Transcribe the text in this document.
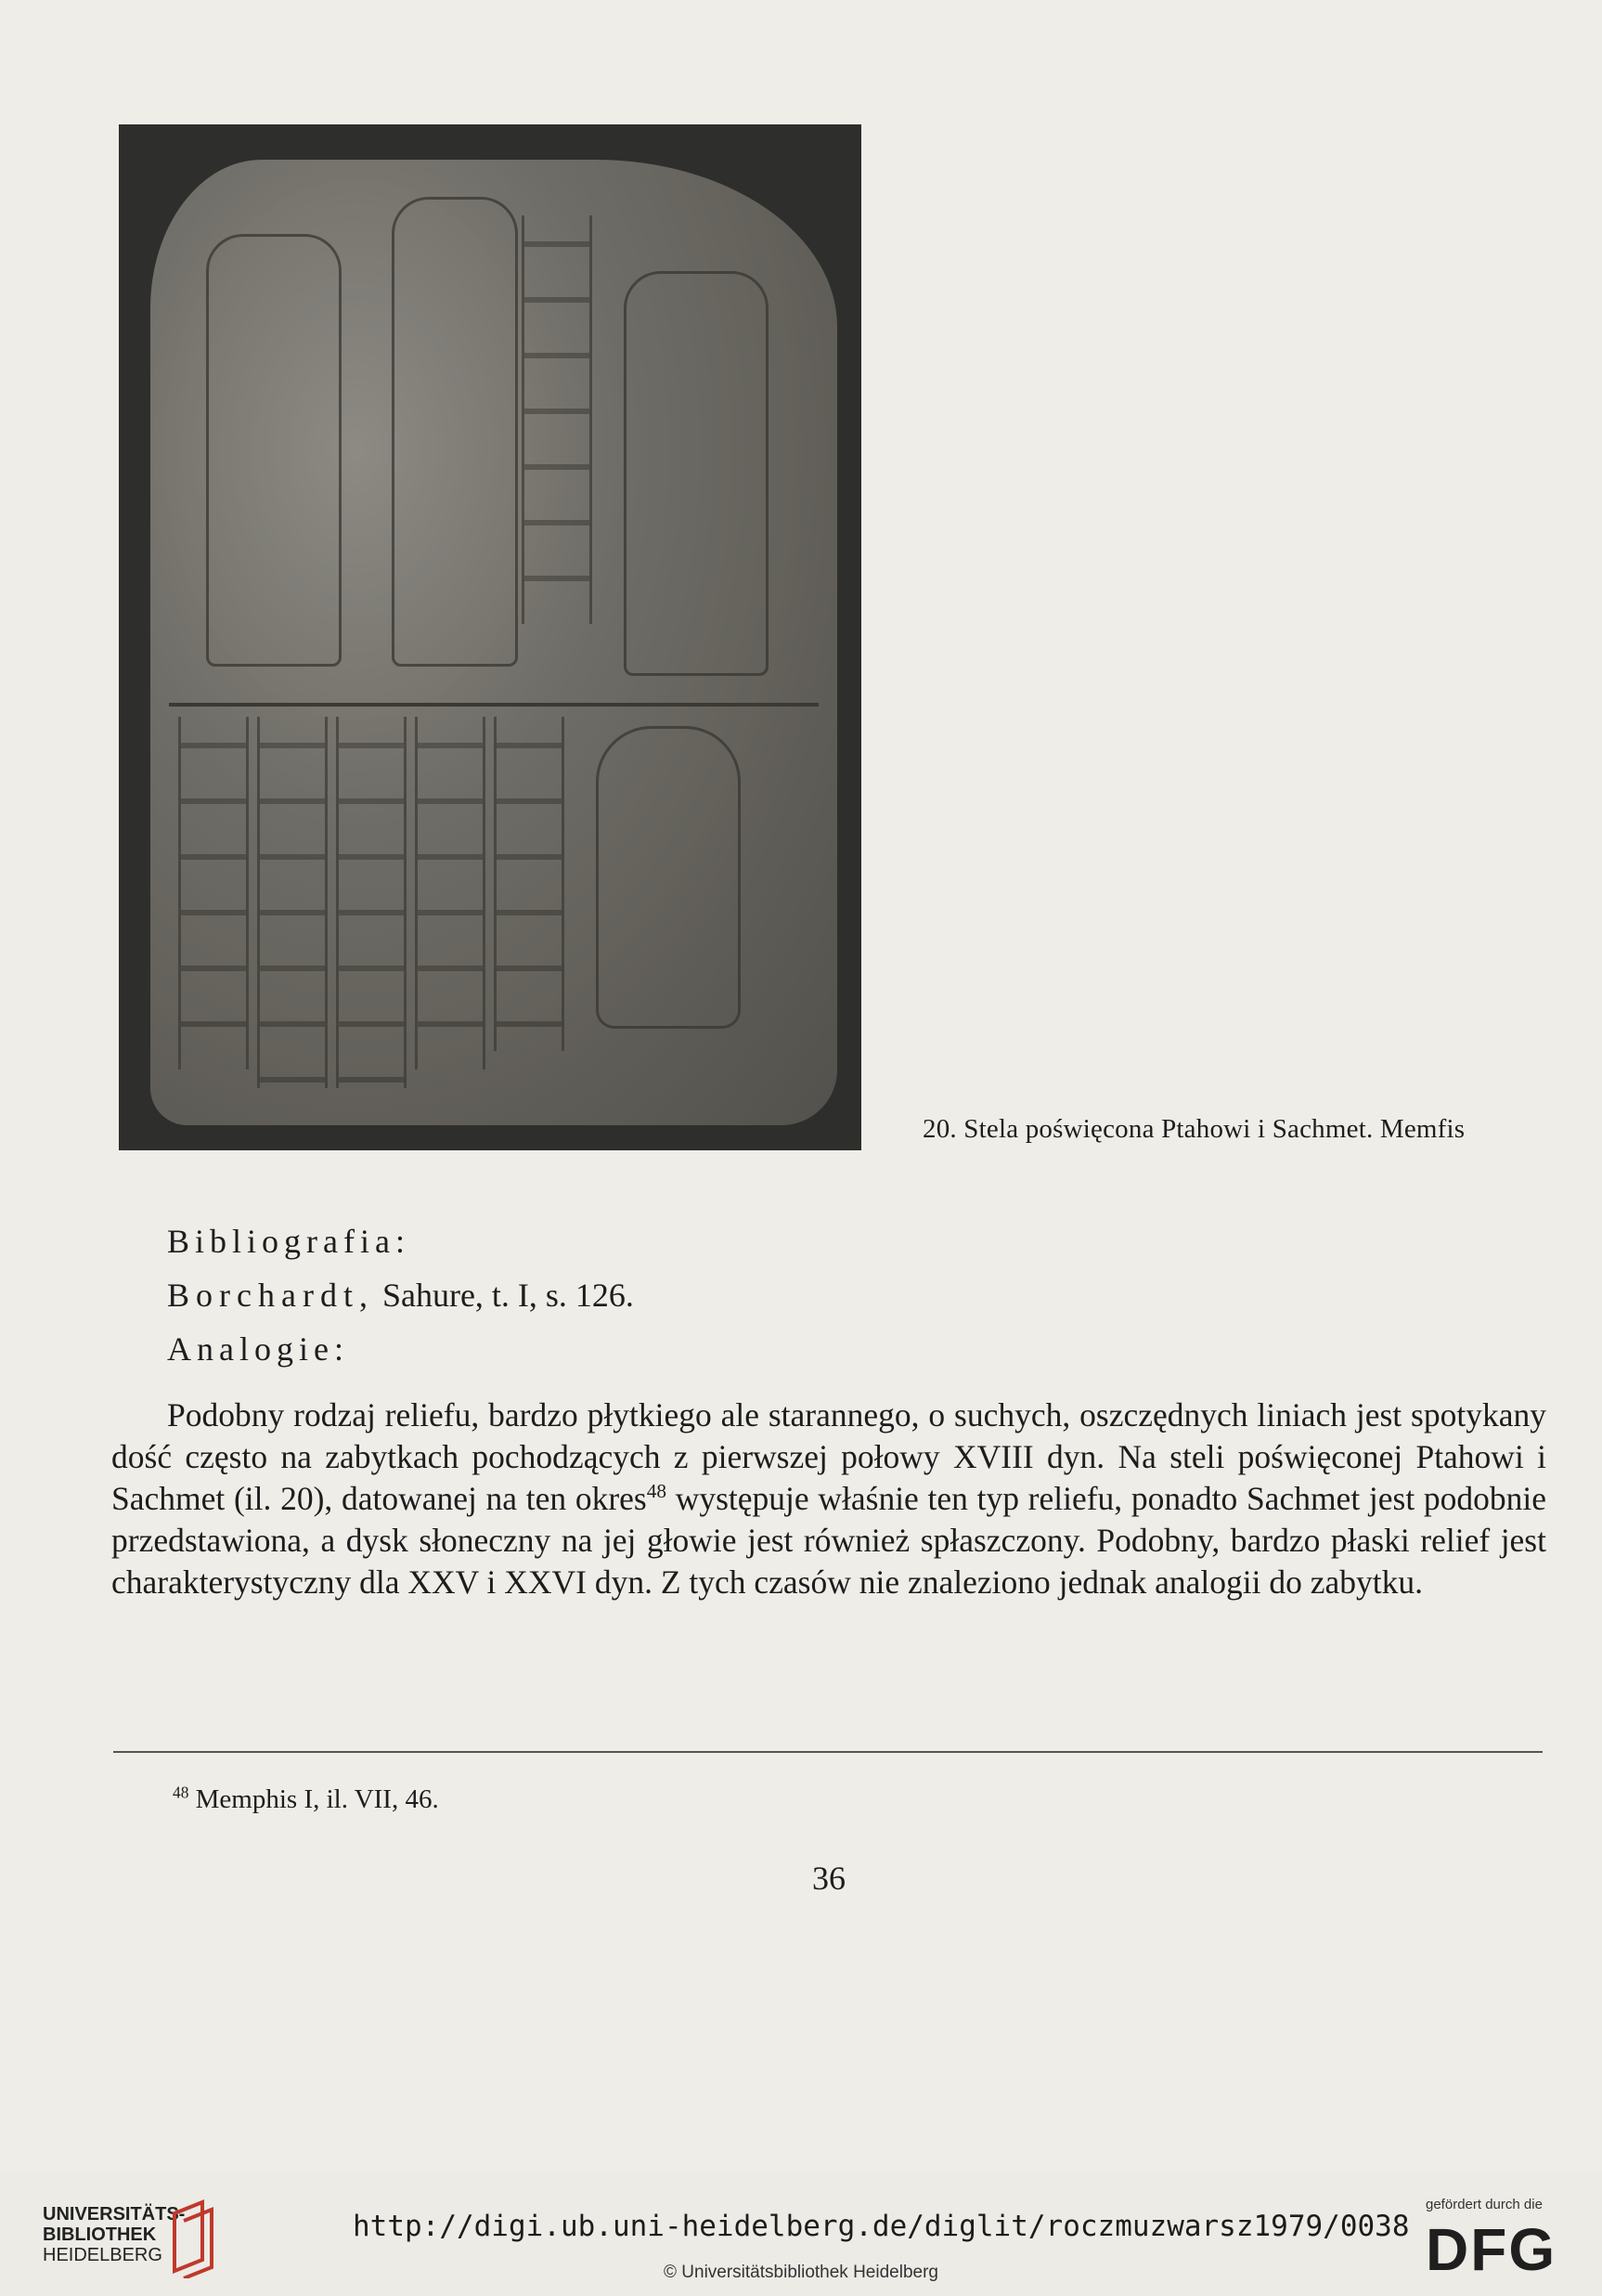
20. Stela poświęcona Ptahowi i Sachmet. Memfis
Bibliografia:
Borchardt, Sahure, t. I, s. 126.
Analogie:

Podobny rodzaj reliefu, bardzo płytkiego ale starannego, o suchych, oszczędnych liniach jest spotykany dość często na zabytkach pochodzących z pierwszej połowy XVIII dyn. Na steli poświęconej Ptahowi i Sachmet (il. 20), datowanej na ten okres$^{48}$ występuje właśnie ten typ reliefu, ponadto Sachmet jest podobnie przedstawiona, a dysk słoneczny na jej głowie jest również spłaszczony. Podobny, bardzo płaski relief jest charakterystyczny dla XXV i XXVI dyn. Z tych czasów nie znaleziono jednak analogii do zabytku.

$^{48}$ Memphis I, il. VII, 46.
36
UNIVERSITÄTS-
BIBLIOTHEK
HEIDELBERG
http://digi.ub.uni-heidelberg.de/diglit/roczmuzwarsz1979/0038
© Universitätsbibliothek Heidelberg
gefördert durch die
DFG
